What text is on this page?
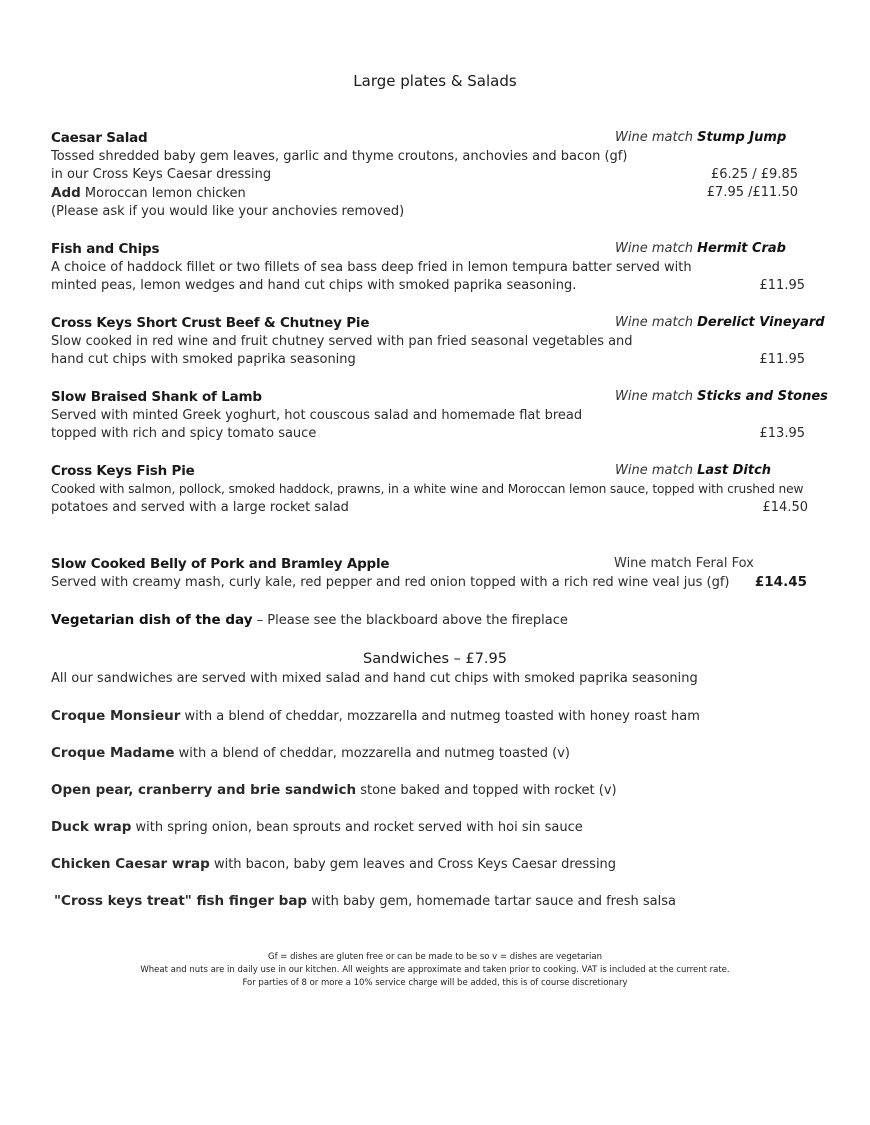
Large plates & Salads
Caesar Salad	Wine match Stump Jump
Tossed shredded baby gem leaves, garlic and thyme croutons, anchovies and bacon (gf)
in our Cross Keys Caesar dressing	£6.25 / £9.85
Add Moroccan lemon chicken	£7.95 /£11.50
(Please ask if you would like your anchovies removed)
Fish and Chips	Wine match Hermit Crab
A choice of haddock fillet or two fillets of sea bass deep fried in lemon tempura batter served with
minted peas, lemon wedges and hand cut chips with smoked paprika seasoning.	£11.95
Cross Keys Short Crust Beef & Chutney Pie	Wine match Derelict Vineyard
Slow cooked in red wine and fruit chutney served with pan fried seasonal vegetables and
hand cut chips with smoked paprika seasoning	£11.95
Slow Braised Shank of Lamb	Wine match Sticks and Stones
Served with minted Greek yoghurt, hot couscous salad and homemade flat bread
topped with rich and spicy tomato sauce	£13.95
Cross Keys Fish Pie	Wine match Last Ditch
Cooked with salmon, pollock, smoked haddock, prawns, in a white wine and Moroccan lemon sauce, topped with crushed new
potatoes and served with a large rocket salad	£14.50
Slow Cooked Belly of Pork and Bramley Apple	Wine match Feral Fox
Served with creamy mash, curly kale, red pepper and red onion topped with a rich red wine veal jus (gf) £14.45
Vegetarian dish of the day – Please see the blackboard above the fireplace
Sandwiches – £7.95
All our sandwiches are served with mixed salad and hand cut chips with smoked paprika seasoning
Croque Monsieur with a blend of cheddar, mozzarella and nutmeg toasted with honey roast ham
Croque Madame with a blend of cheddar, mozzarella and nutmeg toasted (v)
Open pear, cranberry and brie sandwich stone baked and topped with rocket (v)
Duck wrap with spring onion, bean sprouts and rocket served with hoi sin sauce
Chicken Caesar wrap with bacon, baby gem leaves and Cross Keys Caesar dressing
"Cross keys treat" fish finger bap with baby gem, homemade tartar sauce and fresh salsa
Gf = dishes are gluten free or can be made to be so v = dishes are vegetarian
Wheat and nuts are in daily use in our kitchen. All weights are approximate and taken prior to cooking. VAT is included at the current rate.
For parties of 8 or more a 10% service charge will be added, this is of course discretionary
